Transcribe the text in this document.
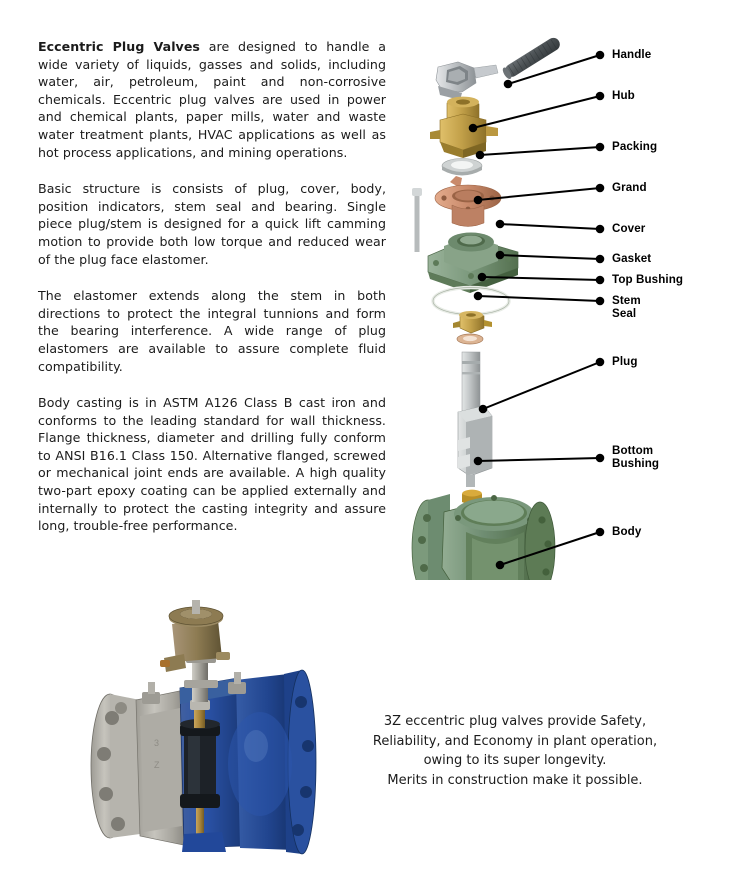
Eccentric Plug Valves are designed to handle a wide variety of liquids, gasses and solids, including water, air, petroleum, paint and non-corrosive chemicals. Eccentric plug valves are used in power and chemical plants, paper mills, water and waste water treatment plants, HVAC applications as well as hot process applications, and mining operations.

Basic structure is consists of plug, cover, body, position indicators, stem seal and bearing. Single piece plug/stem is designed for a quick lift camming motion to provide both low torque and reduced wear of the plug face elastomer.

The elastomer extends along the stem in both directions to protect the integral tunnions and form the bearing interference. A wide range of plug elastomers are available to assure complete fluid compatibility.

Body casting is in ASTM A126 Class B cast iron and conforms to the leading standard for wall thickness. Flange thickness, diameter and drilling fully conform to ANSI B16.1 Class 150. Alternative flanged, screwed or mechanical joint ends are available. A high quality two-part epoxy coating can be applied externally and internally to protect the casting integrity and assure long, trouble-free performance.

Handle
Hub
Packing
Grand
Cover
Gasket
Top Bushing
Stem
Seal
Plug
Bottom
Bushing
Body
3
Z
3Z eccentric plug valves provide Safety,
Reliability, and Economy in plant operation,
owing to its super longevity.
Merits in construction make it possible.
